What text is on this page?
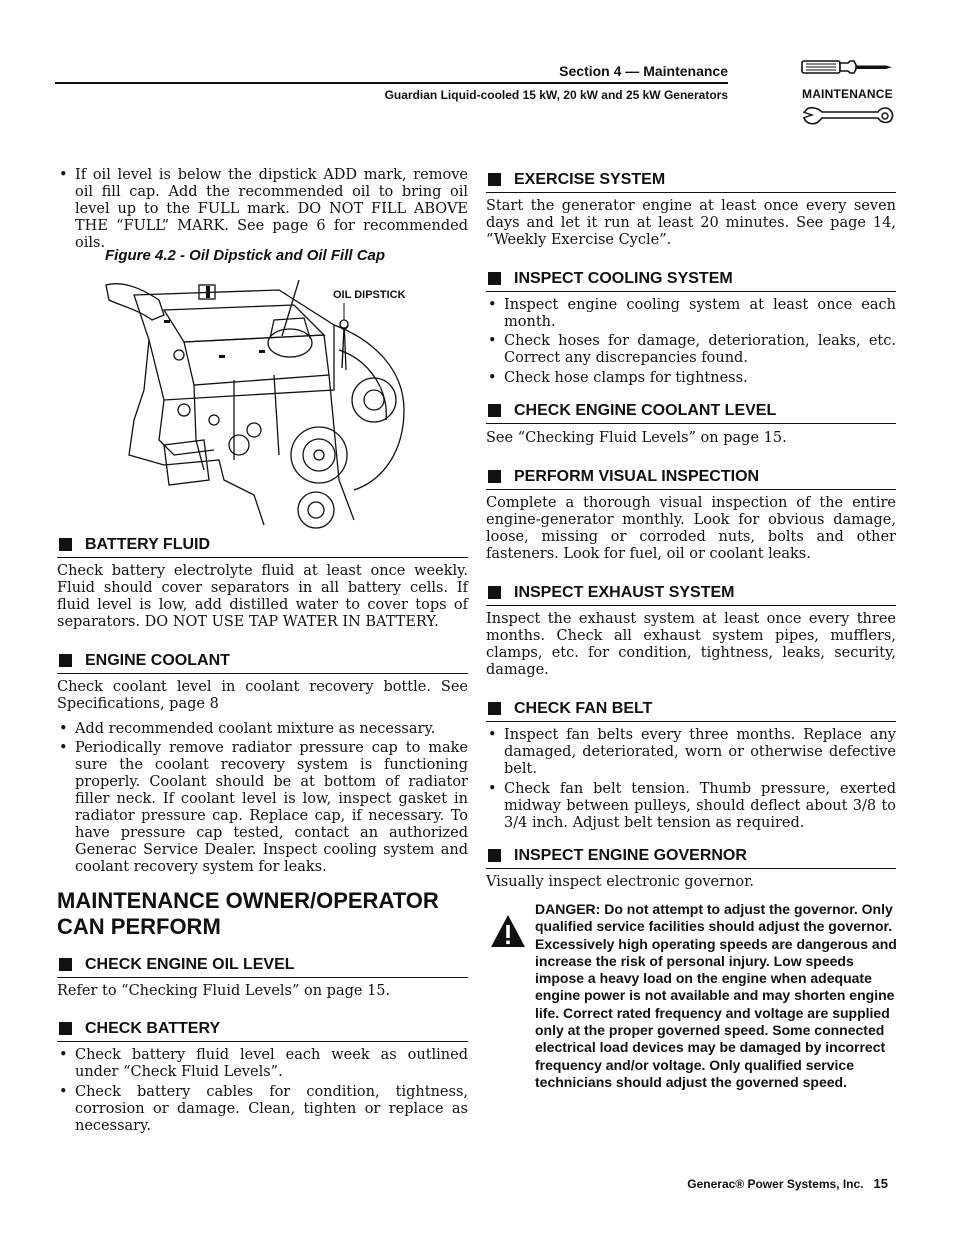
Section 4 — Maintenance
Guardian Liquid-cooled 15 kW, 20 kW and 25 kW Generators	MAINTENANCE
• If oil level is below the dipstick ADD mark, remove oil fill cap. Add the recommended oil to bring oil level up to the FULL mark. DO NOT FILL ABOVE THE “FULL” MARK. See page 6 for recommended oils.
Figure 4.2 - Oil Dipstick and Oil Fill Cap
BATTERY FLUID
Check battery electrolyte fluid at least once weekly. Fluid should cover separators in all battery cells. If fluid level is low, add distilled water to cover tops of separators. DO NOT USE TAP WATER IN BATTERY.
ENGINE COOLANT
Check coolant level in coolant recovery bottle. See Specifications, page 8
• Add recommended coolant mixture as necessary.
• Periodically remove radiator pressure cap to make sure the coolant recovery system is functioning properly. Coolant should be at bottom of radiator filler neck. If coolant level is low, inspect gasket in radiator pressure cap. Replace cap, if necessary. To have pressure cap tested, contact an authorized Generac Service Dealer. Inspect cooling system and coolant recovery system for leaks.
CHECK ENGINE OIL LEVEL
Refer to “Checking Fluid Levels” on page 15.
CHECK BATTERY
• Check battery fluid level each week as outlined under “Check Fluid Levels”.
• Check battery cables for condition, tightness, corrosion or damage. Clean, tighten or replace as necessary.
MAINTENANCE OWNER/OPERATOR CAN PERFORM
OIL DIPSTICK
EXERCISE SYSTEM
Start the generator engine at least once every seven days and let it run at least 20 minutes. See page 14, “Weekly Exercise Cycle”.
INSPECT COOLING SYSTEM
• Inspect engine cooling system at least once each month.
• Check hoses for damage, deterioration, leaks, etc. Correct any discrepancies found.
• Check hose clamps for tightness.
CHECK ENGINE COOLANT LEVEL
See “Checking Fluid Levels” on page 15.
PERFORM VISUAL INSPECTION
Complete a thorough visual inspection of the entire engine-generator monthly. Look for obvious damage, loose, missing or corroded nuts, bolts and other fasteners. Look for fuel, oil or coolant leaks.
INSPECT EXHAUST SYSTEM
Inspect the exhaust system at least once every three months. Check all exhaust system pipes, mufflers, clamps, etc. for condition, tightness, leaks, security, damage.
CHECK FAN BELT
• Inspect fan belts every three months. Replace any damaged, deteriorated, worn or otherwise defective belt.
• Check fan belt tension. Thumb pressure, exerted midway between pulleys, should deflect about 3/8 to 3/4 inch. Adjust belt tension as required.
INSPECT ENGINE GOVERNOR
Visually inspect electronic governor.
DANGER: Do not attempt to adjust the governor. Only qualified service facilities should adjust the governor. Excessively high operating speeds are dangerous and increase the risk of personal injury. Low speeds impose a heavy load on the engine when adequate engine power is not available and may shorten engine life. Correct rated frequency and voltage are supplied only at the proper governed speed. Some connected electrical load devices may be damaged by incorrect frequency and/or voltage. Only qualified service technicians should adjust the governed speed.
Generac® Power Systems, Inc. 15
